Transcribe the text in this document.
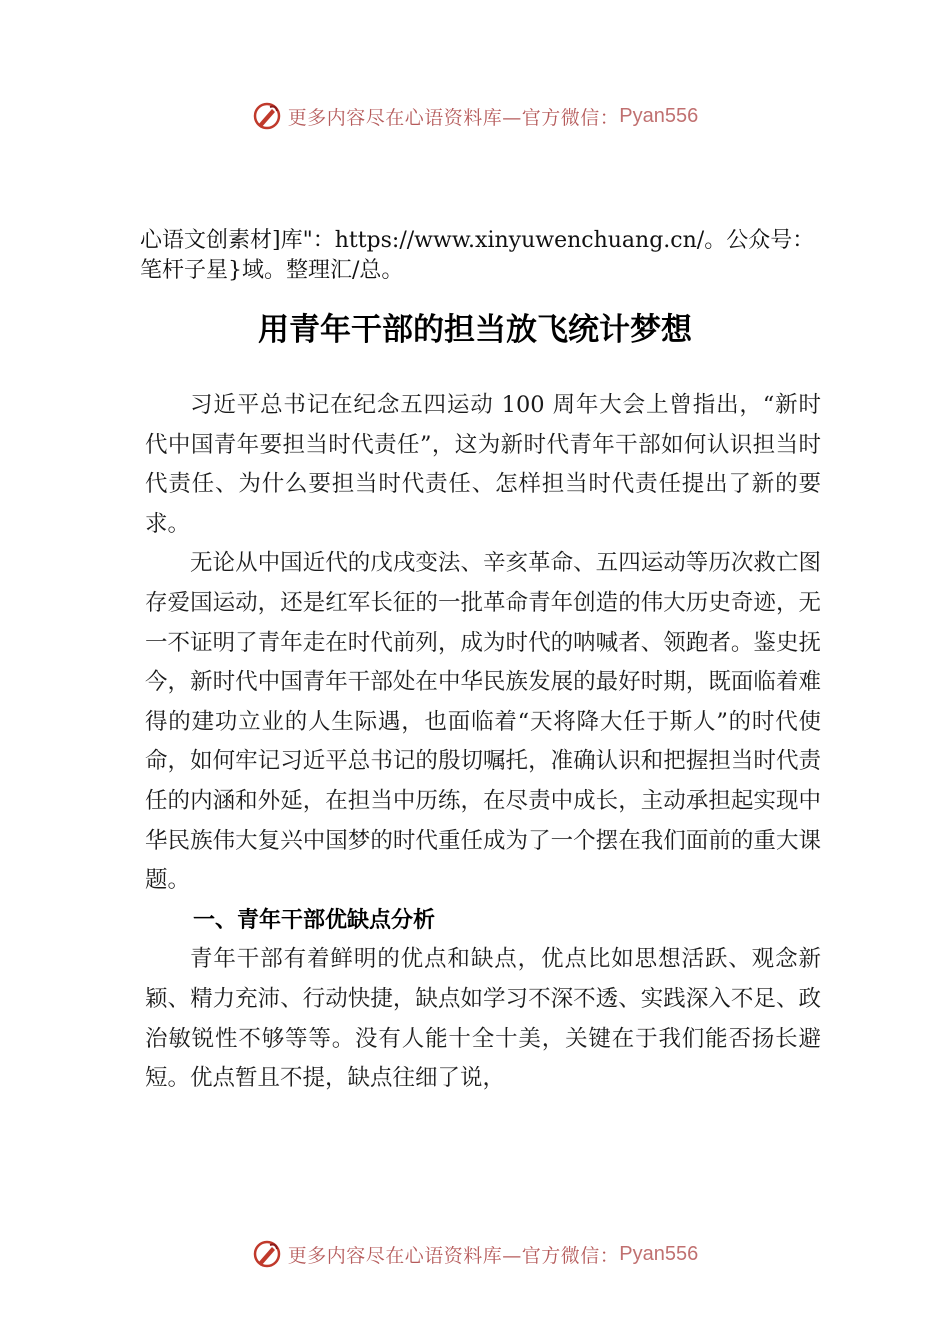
更多内容尽在心语资料库—官方微信： Pyan556
心语文创素材]库"：https://www.xinyuwenchuang.cn/。公众号：笔杆子星}域。整理汇/总。
用青年干部的担当放飞统计梦想

习近平总书记在纪念五四运动 100 周年大会上曾指出，“新时代中国青年要担当时代责任”，这为新时代青年干部如何认识担当时代责任、为什么要担当时代责任、怎样担当时代责任提出了新的要求。

无论从中国近代的戊戌变法、辛亥革命、五四运动等历次救亡图存爱国运动，还是红军长征的一批革命青年创造的伟大历史奇迹，无一不证明了青年走在时代前列，成为时代的呐喊者、领跑者。鉴史抚今，新时代中国青年干部处在中华民族发展的最好时期，既面临着难得的建功立业的人生际遇，也面临着“天将降大任于斯人”的时代使命，如何牢记习近平总书记的殷切嘱托，准确认识和把握担当时代责任的内涵和外延，在担当中历练，在尽责中成长，主动承担起实现中华民族伟大复兴中国梦的时代重任成为了一个摆在我们面前的重大课题。

一、青年干部优缺点分析

青年干部有着鲜明的优点和缺点，优点比如思想活跃、观念新颖、精力充沛、行动快捷，缺点如学习不深不透、实践深入不足、政治敏锐性不够等等。没有人能十全十美，关键在于我们能否扬长避短。优点暂且不提，缺点往细了说，

更多内容尽在心语资料库—官方微信： Pyan556
